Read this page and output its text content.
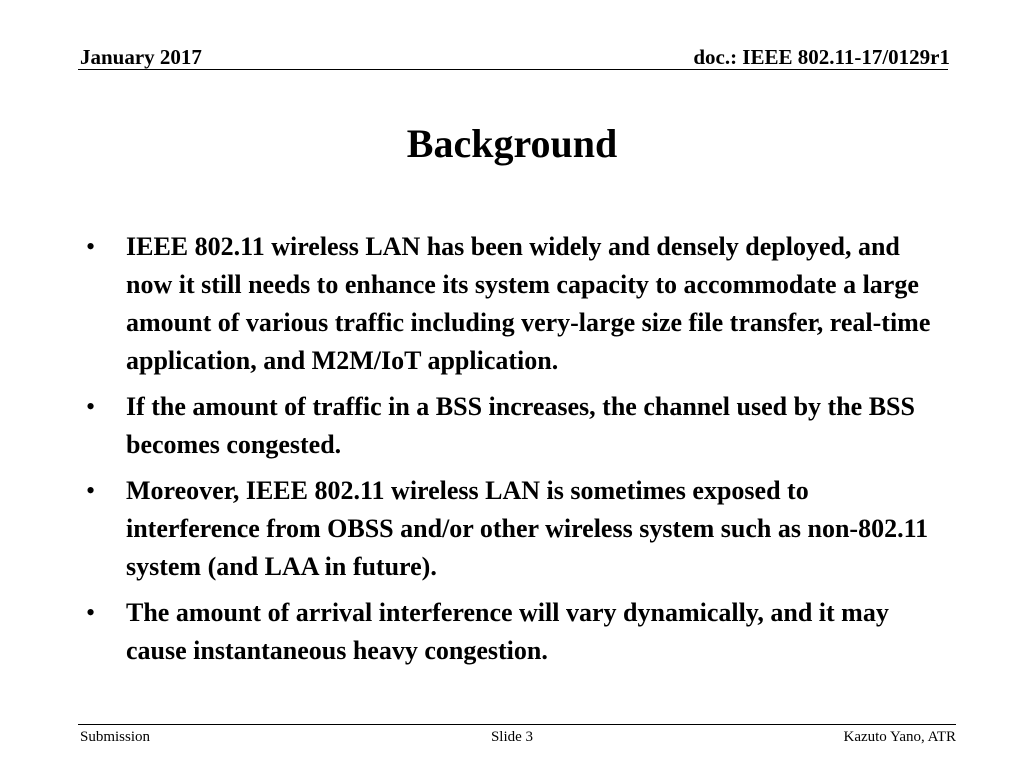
January 2017	doc.: IEEE 802.11-17/0129r1
Background
• IEEE 802.11 wireless LAN has been widely and densely deployed, and now it still needs to enhance its system capacity to accommodate a large amount of various traffic including very-large size file transfer, real-time application, and M2M/IoT application.
• If the amount of traffic in a BSS increases, the channel used by the BSS becomes congested.
• Moreover, IEEE 802.11 wireless LAN is sometimes exposed to interference from OBSS and/or other wireless system such as non-802.11 system (and LAA in future).
• The amount of arrival interference will vary dynamically, and it may cause instantaneous heavy congestion.
Submission	Slide 3	Kazuto Yano, ATR
